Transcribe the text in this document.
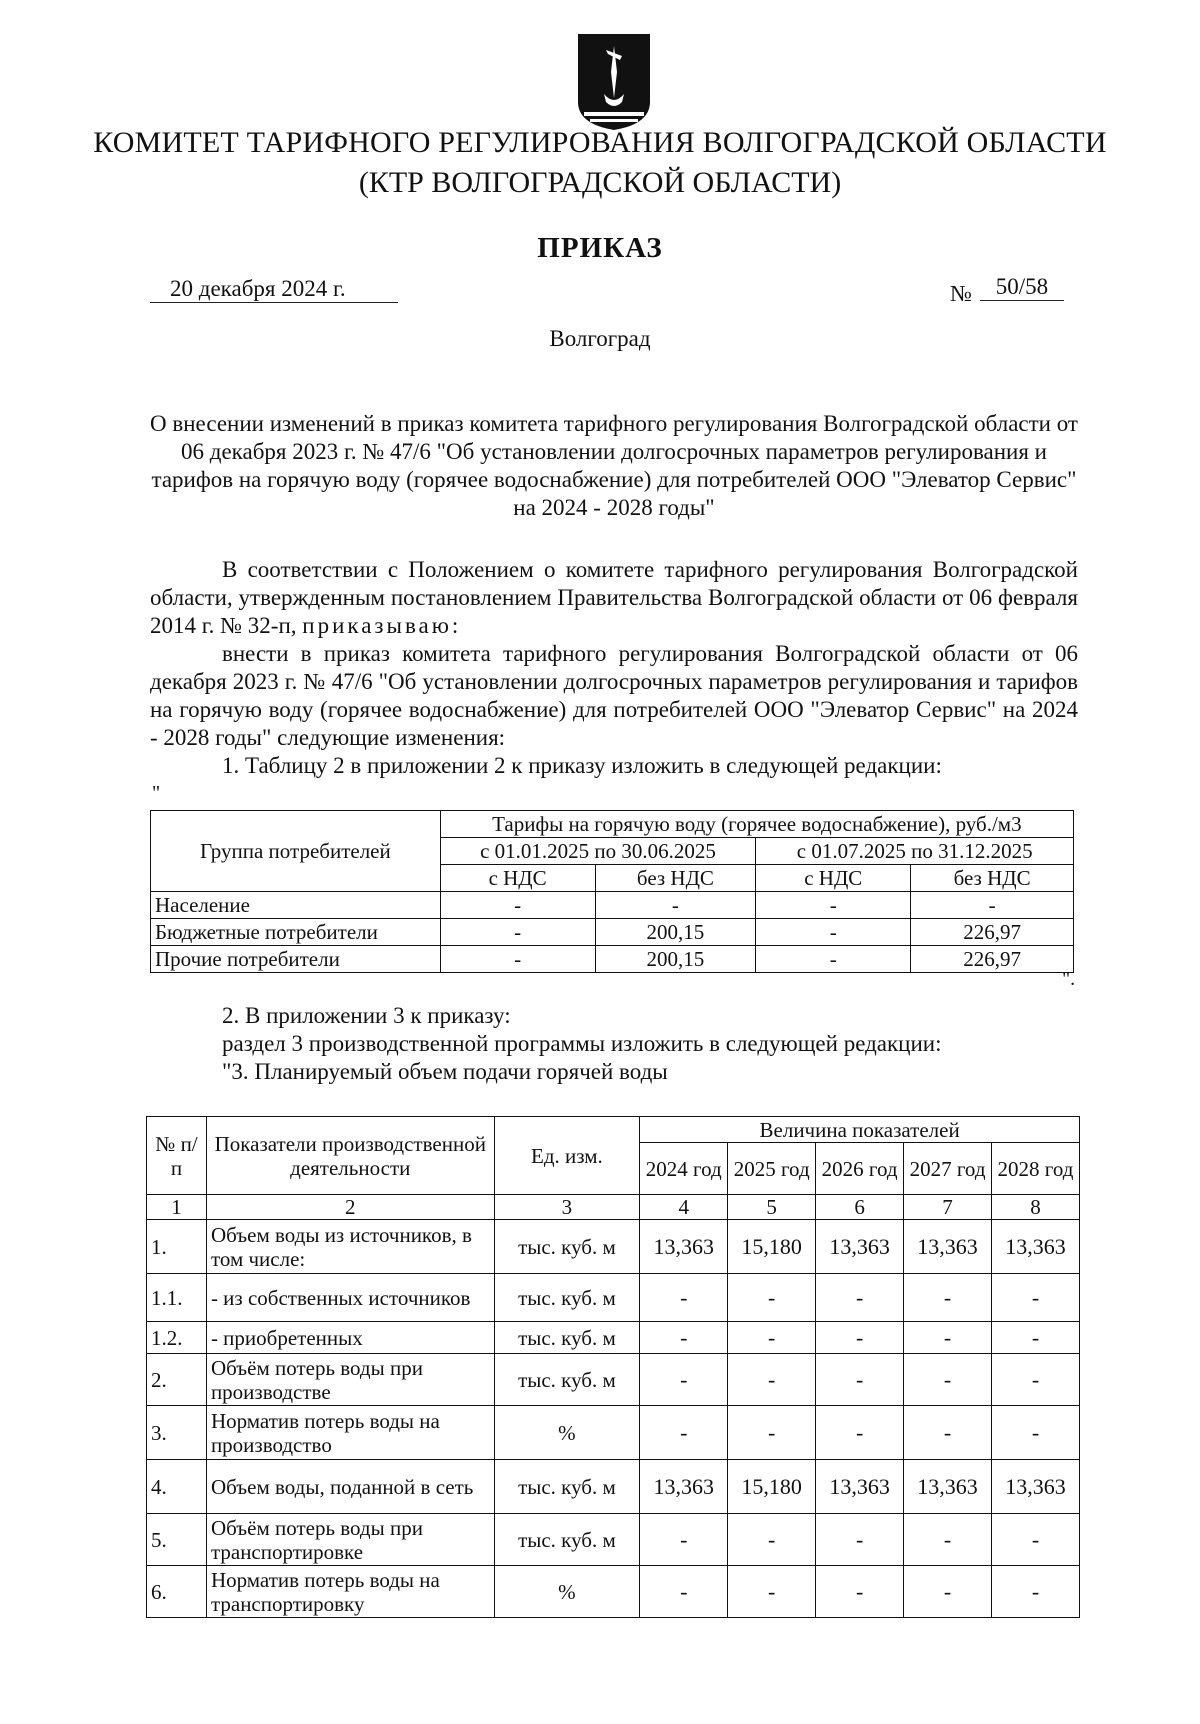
КОМИТЕТ ТАРИФНОГО РЕГУЛИРОВАНИЯ ВОЛГОГРАДСКОЙ ОБЛАСТИ
(КТР ВОЛГОГРАДСКОЙ ОБЛАСТИ)
ПРИКАЗ
20 декабря 2024 г.	№	50/58
Волгоград
О внесении изменений в приказ комитета тарифного регулирования Волгоградской области от 06 декабря 2023 г. № 47/6 "Об установлении долгосрочных параметров регулирования и тарифов на горячую воду (горячее водоснабжение) для потребителей ООО "Элеватор Сервис" на 2024 - 2028 годы"
В соответствии с Положением о комитете тарифного регулирования Волгоградской области, утвержденным постановлением Правительства Волгоградской области от 06 февраля 2014 г. № 32-п, приказываю:
внести в приказ комитета тарифного регулирования Волгоградской области от 06 декабря 2023 г. № 47/6 "Об установлении долгосрочных параметров регулирования и тарифов на горячую воду (горячее водоснабжение) для потребителей ООО "Элеватор Сервис" на 2024 - 2028 годы" следующие изменения:
1. Таблицу 2 в приложении 2 к приказу изложить в следующей редакции:
"
Группа потребителей	Тарифы на горячую воду (горячее водоснабжение), руб./м3			
	с 01.01.2025 по 30.06.2025		с 01.07.2025 по 31.12.2025	
	с НДС	без НДС	с НДС	без НДС
Население	-	-	-	-
Бюджетные потребители	-	200,15	-	226,97
Прочие потребители	-	200,15	-	226,97
".
2. В приложении 3 к приказу:
раздел 3 производственной программы изложить в следующей редакции:
"3. Планируемый объем подачи горячей воды
№ п/п	Показатели производственной деятельности	Ед. изм.	Величина показателей				
			2024 год	2025 год	2026 год	2027 год	2028 год
1	2	3	4	5	6	7	8
1.	Объем воды из источников, в том числе:	тыс. куб. м	13,363	15,180	13,363	13,363	13,363
1.1.	- из собственных источников	тыс. куб. м	-	-	-	-	-
1.2.	- приобретенных	тыс. куб. м	-	-	-	-	-
2.	Объём потерь воды при производстве	тыс. куб. м	-	-	-	-	-
3.	Норматив потерь воды на производство	%	-	-	-	-	-
4.	Объем воды, поданной в сеть	тыс. куб. м	13,363	15,180	13,363	13,363	13,363
5.	Объём потерь воды при транспортировке	тыс. куб. м	-	-	-	-	-
6.	Норматив потерь воды на транспортировку	%	-	-	-	-	-
